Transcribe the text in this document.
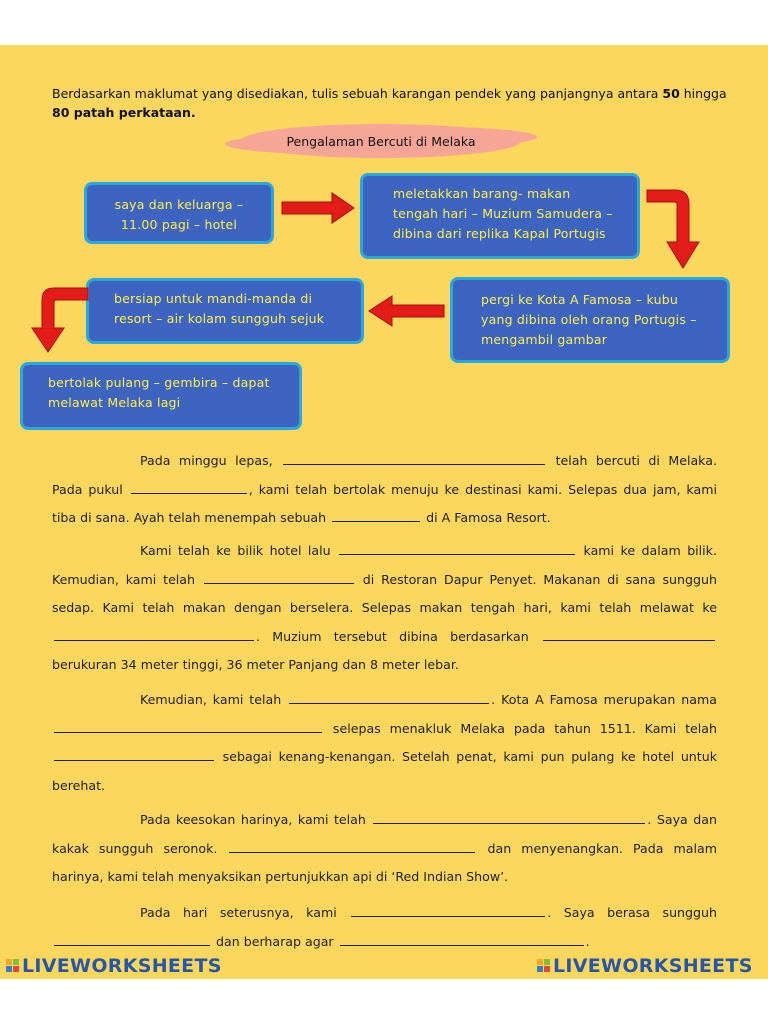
Berdasarkan maklumat yang disediakan, tulis sebuah karangan pendek yang panjangnya antara 50 hingga
80 patah perkataan.
Pengalaman Bercuti di Melaka
saya dan keluarga –
11.00 pagi – hotel
meletakkan barang- makan
tengah hari – Muzium Samudera –
dibina dari replika Kapal Portugis
bersiap untuk mandi-manda di
resort – air kolam sungguh sejuk
pergi ke Kota A Famosa – kubu
yang dibina oleh orang Portugis –
mengambil gambar
bertolak pulang – gembira – dapat
melawat Melaka lagi

Pada minggu lepas,	telah bercuti di Melaka. Pada pukul	, kami telah bertolak menuju ke destinasi kami. Selepas dua jam, kami tiba di sana. Ayah telah menempah sebuah	di A Famosa Resort.

Kami telah ke bilik hotel lalu	kami ke dalam bilik. Kemudian, kami telah	di Restoran Dapur Penyet. Makanan di sana sungguh sedap. Kami telah makan dengan berselera. Selepas makan tengah hari, kami telah melawat ke . Muzium tersebut dibina berdasarkan  berukuran 34 meter tinggi, 36 meter Panjang dan 8 meter lebar.

Kemudian, kami telah	. Kota A Famosa merupakan nama  selepas menakluk Melaka pada tahun 1511. Kami telah  sebagai kenang-kenangan. Setelah penat, kami pun pulang ke hotel untuk berehat.

Pada keesokan harinya, kami telah	. Saya dan kakak sungguh seronok.	dan menyenangkan. Pada malam harinya, kami telah menyaksikan pertunjukkan api di ‘Red Indian Show’.

Pada hari seterusnya, kami	. Saya berasa sungguh  dan berharap agar	.

LIVEWORKSHEETS	LIVEWORKSHEETS
